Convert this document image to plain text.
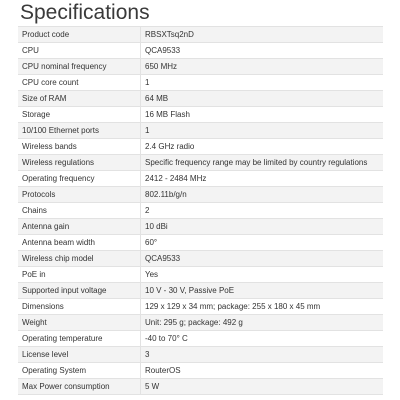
Specifications
Product code	RBSXTsq2nD
CPU	QCA9533
CPU nominal frequency	650 MHz
CPU core count	1
Size of RAM	64 MB
Storage	16 MB Flash
10/100 Ethernet ports	1
Wireless bands	2.4 GHz radio
Wireless regulations	Specific frequency range may be limited by country regulations
Operating frequency	2412 - 2484 MHz
Protocols	802.11b/g/n
Chains	2
Antenna gain	10 dBi
Antenna beam width	60°
Wireless chip model	QCA9533
PoE in	Yes
Supported input voltage	10 V - 30 V, Passive PoE
Dimensions	129 x 129 x 34 mm; package: 255 x 180 x 45 mm
Weight	Unit: 295 g; package: 492 g
Operating temperature	-40 to 70° C
License level	3
Operating System	RouterOS
Max Power consumption	5 W
